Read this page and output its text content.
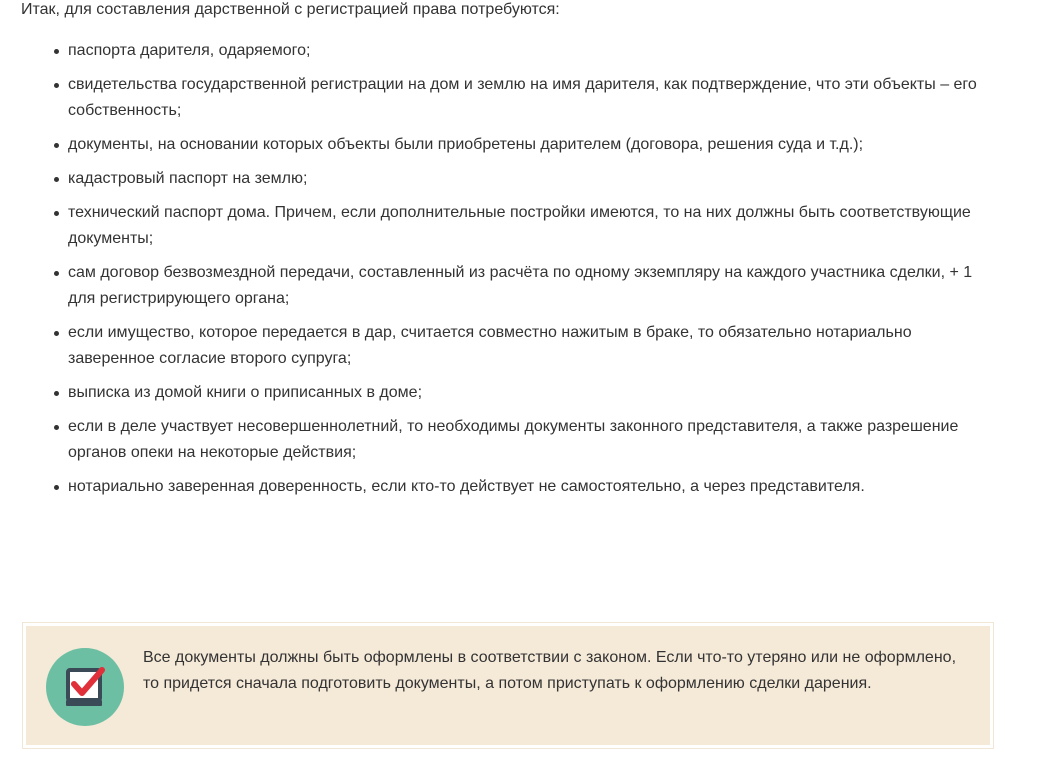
Итак, для составления дарственной с регистрацией права потребуются:

паспорта дарителя, одаряемого;
свидетельства государственной регистрации на дом и землю на имя дарителя, как подтверждение, что эти объекты – его собственность;
документы, на основании которых объекты были приобретены дарителем (договора, решения суда и т.д.);
кадастровый паспорт на землю;
технический паспорт дома. Причем, если дополнительные постройки имеются, то на них должны быть соответствующие документы;
сам договор безвозмездной передачи, составленный из расчёта по одному экземпляру на каждого участника сделки, + 1 для регистрирующего органа;
если имущество, которое передается в дар, считается совместно нажитым в браке, то обязательно нотариально заверенное согласие второго супруга;
выписка из домой книги о приписанных в доме;
если в деле участвует несовершеннолетний, то необходимы документы законного представителя, а также разрешение органов опеки на некоторые действия;
нотариально заверенная доверенность, если кто-то действует не самостоятельно, а через представителя.
Все документы должны быть оформлены в соответствии с законом. Если что-то утеряно или не оформлено, то придется сначала подготовить документы, а потом приступать к оформлению сделки дарения.
